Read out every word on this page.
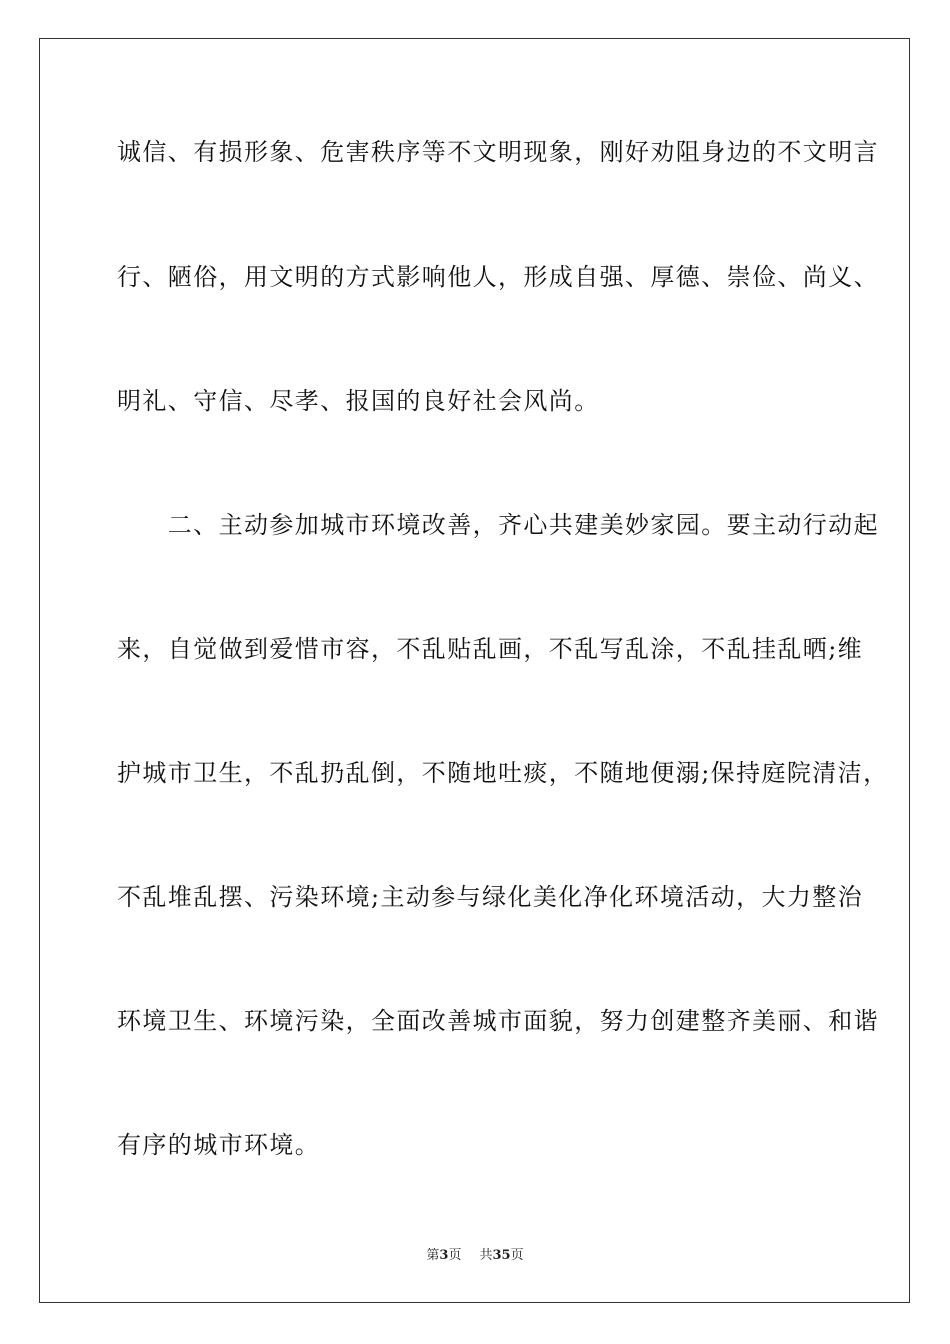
诚信、有损形象、危害秩序等不文明现象，刚好劝阻身边的不文明言
行、陋俗，用文明的方式影响他人，形成自强、厚德、崇俭、尚义、
明礼、守信、尽孝、报国的良好社会风尚。
　　二、主动参加城市环境改善，齐心共建美妙家园。要主动行动起
来，自觉做到爱惜市容，不乱贴乱画，不乱写乱涂，不乱挂乱晒;维
护城市卫生，不乱扔乱倒，不随地吐痰，不随地便溺;保持庭院清洁，
不乱堆乱摆、污染环境;主动参与绿化美化净化环境活动，大力整治
环境卫生、环境污染，全面改善城市面貌，努力创建整齐美丽、和谐
有序的城市环境。
第3页 共35页
